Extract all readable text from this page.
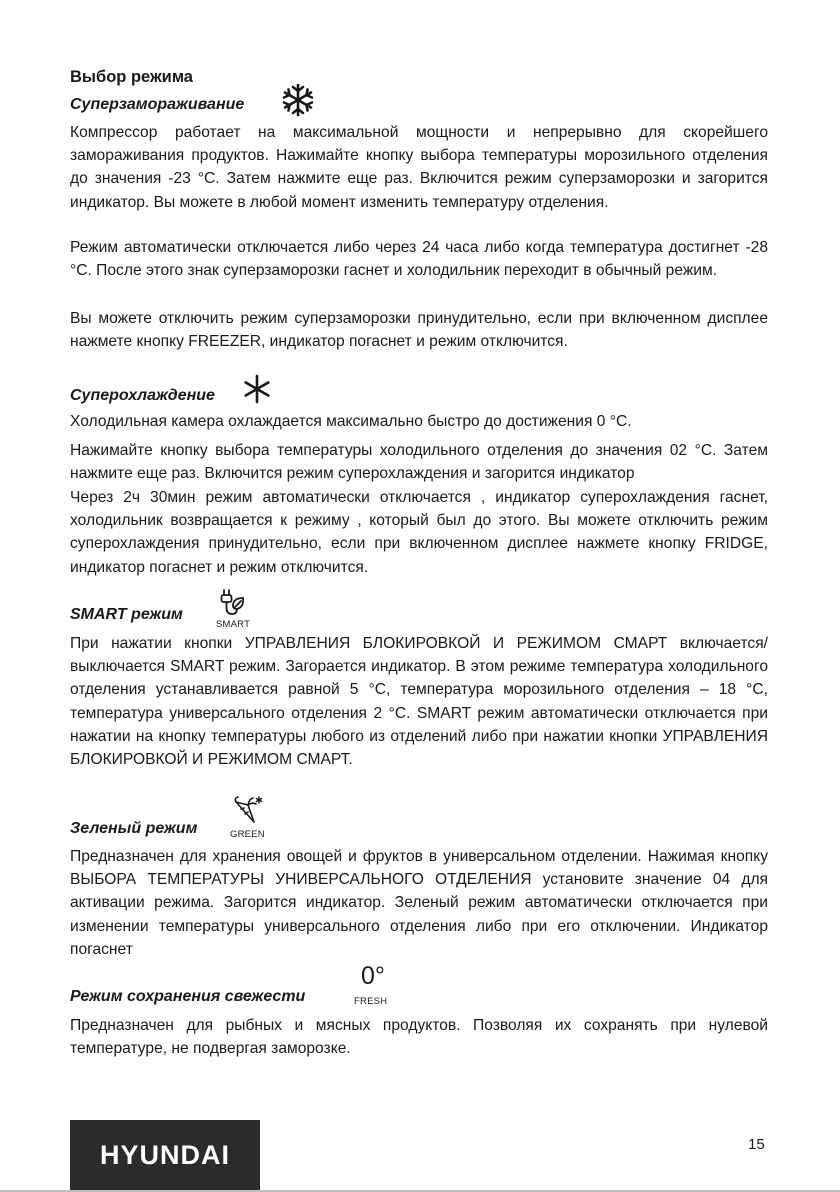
Выбор режима
Суперзамораживание

Компрессор работает на максимальной мощности и непрерывно для скорейшего замораживания продуктов. Нажимайте кнопку выбора температуры морозильного отделения до значения -23 °С. Затем нажмите еще раз. Включится режим суперзаморозки и загорится индикатор. Вы можете в любой момент изменить температуру отделения.

Режим автоматически отключается либо через 24 часа либо когда температура достигнет -28 °С. После этого знак суперзаморозки гаснет и холодильник переходит в обычный режим.

Вы можете отключить режим суперзаморозки принудительно, если при включенном дисплее нажмете кнопку FREEZER, индикатор погаснет и режим отключится.

Суперохлаждение

Холодильная камера охлаждается максимально быстро до достижения 0 °С.

Нажимайте кнопку выбора температуры холодильного отделения до значения 02 °С. Затем нажмите еще раз. Включится режим суперохлаждения и загорится индикатор

Через 2ч 30мин режим автоматически отключается , индикатор суперохлаждения гаснет, холодильник возвращается к режиму , который был до этого. Вы можете отключить режим суперохлаждения принудительно, если при включенном дисплее нажмете кнопку FRIDGE, индикатор погаснет и режим отключится.

SMART режим
SMART

При нажатии кнопки УПРАВЛЕНИЯ БЛОКИРОВКОЙ И РЕЖИМОМ СМАРТ включается/выключается SMART режим. Загорается индикатор. В этом режиме температура холодильного отделения устанавливается равной 5 °С, температура морозильного отделения – 18 °С, температура универсального отделения 2 °С. SMART режим автоматически отключается при нажатии на кнопку температуры любого из отделений либо при нажатии кнопки УПРАВЛЕНИЯ БЛОКИРОВКОЙ И РЕЖИМОМ СМАРТ.

Зеленый режим	GREEN

Предназначен для хранения овощей и фруктов в универсальном отделении. Нажимая кнопку ВЫБОРА ТЕМПЕРАТУРЫ УНИВЕРСАЛЬНОГО ОТДЕЛЕНИЯ установите значение 04 для активации режима. Загорится индикатор. Зеленый режим автоматически отключается при изменении температуры универсального отделения либо при его отключении. Индикатор погаснет

Режим сохранения свежести
0°
FRESH

Предназначен для рыбных и мясных продуктов. Позволяя их сохранять при нулевой температуре, не подвергая заморозке.

HYUNDAI	15
